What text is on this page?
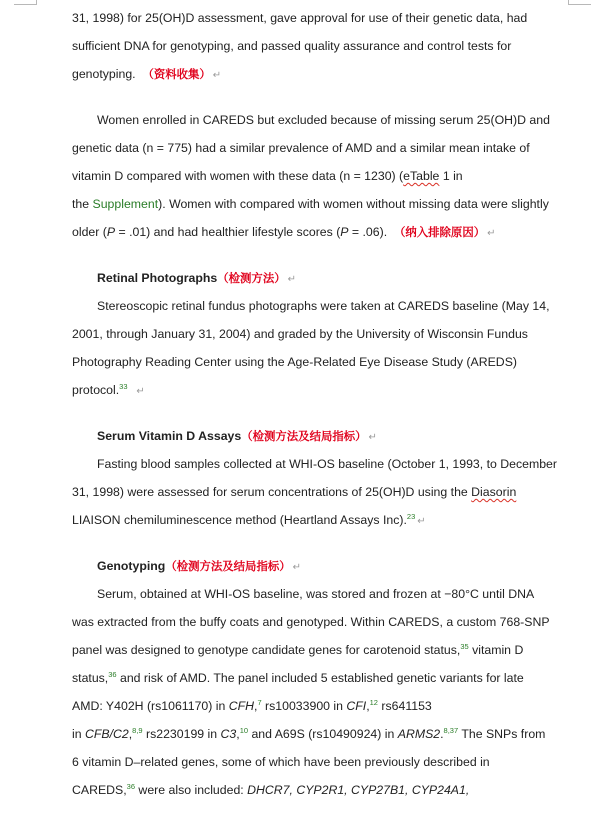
31, 1998) for 25(OH)D assessment, gave approval for use of their genetic data, had
sufficient DNA for genotyping, and passed quality assurance and control tests for
genotyping. （资料收集） ↵
Women enrolled in CAREDS but excluded because of missing serum 25(OH)D and
genetic data (n = 775) had a similar prevalence of AMD and a similar mean intake of
vitamin D compared with women with these data (n = 1230) (eTable 1 in
the Supplement). Women with compared with women without missing data were slightly
older (P = .01) and had healthier lifestyle scores (P = .06). （纳入排除原因） ↵
Retinal Photographs（检测方法） ↵
Stereoscopic retinal fundus photographs were taken at CAREDS baseline (May 14,
2001, through January 31, 2004) and graded by the University of Wisconsin Fundus
Photography Reading Center using the Age-Related Eye Disease Study (AREDS)
protocol.$^{33}$ ↵
Serum Vitamin D Assays（检测方法及结局指标） ↵
Fasting blood samples collected at WHI-OS baseline (October 1, 1993, to December
31, 1998) were assessed for serum concentrations of 25(OH)D using the Diasorin
LIAISON chemiluminescence method (Heartland Assays Inc).$^{23}$ ↵
Genotyping（检测方法及结局指标） ↵
Serum, obtained at WHI-OS baseline, was stored and frozen at −80°C until DNA
was extracted from the buffy coats and genotyped. Within CAREDS, a custom 768-SNP
panel was designed to genotype candidate genes for carotenoid status,$^{35}$ vitamin D
status,$^{36}$ and risk of AMD. The panel included 5 established genetic variants for late
AMD: Y402H (rs1061170) in CFH,$^7$ rs10033900 in CFI,$^{12}$ rs641153
in CFB/C2,$^{8,9}$ rs2230199 in C3,10 and A69S (rs10490924) in ARMS2.$^{8,37}$ The SNPs from
6 vitamin D–related genes, some of which have been previously described in
CAREDS,$^{36}$ were also included: DHCR7, CYP2R1, CYP27B1, CYP24A1,
